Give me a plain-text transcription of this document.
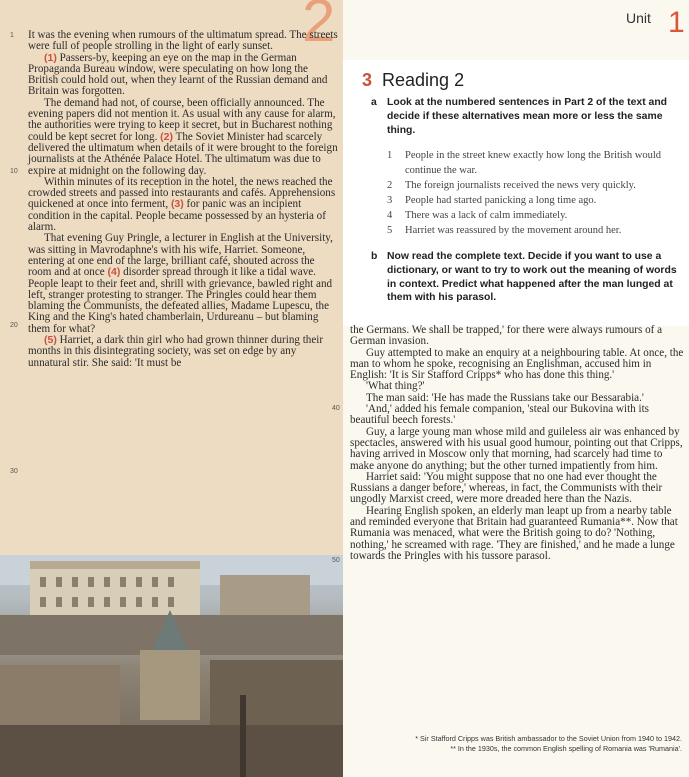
2	Unit 1
1
10
20
30

It was the evening when rumours of the ultimatum spread. The streets were full of people strolling in the light of early sunset.

(1) Passers-by, keeping an eye on the map in the German Propaganda Bureau window, were speculating on how long the British could hold out, when they learnt of the Russian demand and Britain was forgotten.

The demand had not, of course, been officially announced. The evening papers did not mention it. As usual with any cause for alarm, the authorities were trying to keep it secret, but in Bucharest nothing could be kept secret for long. (2) The Soviet Minister had scarcely delivered the ultimatum when details of it were brought to the foreign journalists at the Athénée Palace Hotel. The ultimatum was due to expire at midnight on the following day.

Within minutes of its reception in the hotel, the news reached the crowded streets and passed into restaurants and cafés. Apprehensions quickened at once into ferment, (3) for panic was an incipient condition in the capital. People became possessed by an hysteria of alarm.

That evening Guy Pringle, a lecturer in English at the University, was sitting in Mavrodaphne's with his wife, Harriet. Someone, entering at one end of the large, brilliant café, shouted across the room and at once (4) disorder spread through it like a tidal wave. People leapt to their feet and, shrill with grievance, bawled right and left, stranger protesting to stranger. The Pringles could hear them blaming the Communists, the defeated allies, Madame Lupescu, the King and the King's hated chamberlain, Urdureanu – but blaming them for what?

(5) Harriet, a dark thin girl who had grown thinner during their months in this disintegrating society, was set on edge by any unnatural stir. She said: 'It must be

3 Reading 2
a Look at the numbered sentences in Part 2 of the text and decide if these alternatives mean more or less the same thing.
1 People in the street knew exactly how long the British would continue the war.
2 The foreign journalists received the news very quickly.
3 People had started panicking a long time ago.
4 There was a lack of calm immediately.
5 Harriet was reassured by the movement around her.
b Now read the complete text. Decide if you want to use a dictionary, or want to try to work out the meaning of words in context. Predict what happened after the man lunged at them with his parasol.
40
50

the Germans. We shall be trapped,' for there were always rumours of a German invasion.

Guy attempted to make an enquiry at a neighbouring table. At once, the man to whom he spoke, recognising an Englishman, accused him in English: 'It is Sir Stafford Cripps* who has done this thing.'

'What thing?'

The man said: 'He has made the Russians take our Bessarabia.'

'And,' added his female companion, 'steal our Bukovina with its beautiful beech forests.'

Guy, a large young man whose mild and guileless air was enhanced by spectacles, answered with his usual good humour, pointing out that Cripps, having arrived in Moscow only that morning, had scarcely had time to make anyone do anything; but the other turned impatiently from him.

Harriet said: 'You might suppose that no one had ever thought the Russians a danger before,' whereas, in fact, the Communists with their ungodly Marxist creed, were more dreaded here than the Nazis.

Hearing English spoken, an elderly man leapt up from a nearby table and reminded everyone that Britain had guaranteed Rumania**. Now that Rumania was menaced, what were the British going to do? 'Nothing, nothing,' he screamed with rage. 'They are finished,' and he made a lunge towards the Pringles with his tussore parasol.

* Sir Stafford Cripps was British ambassador to the Soviet Union from 1940 to 1942.
** In the 1930s, the common English spelling of Romania was 'Rumania'.
